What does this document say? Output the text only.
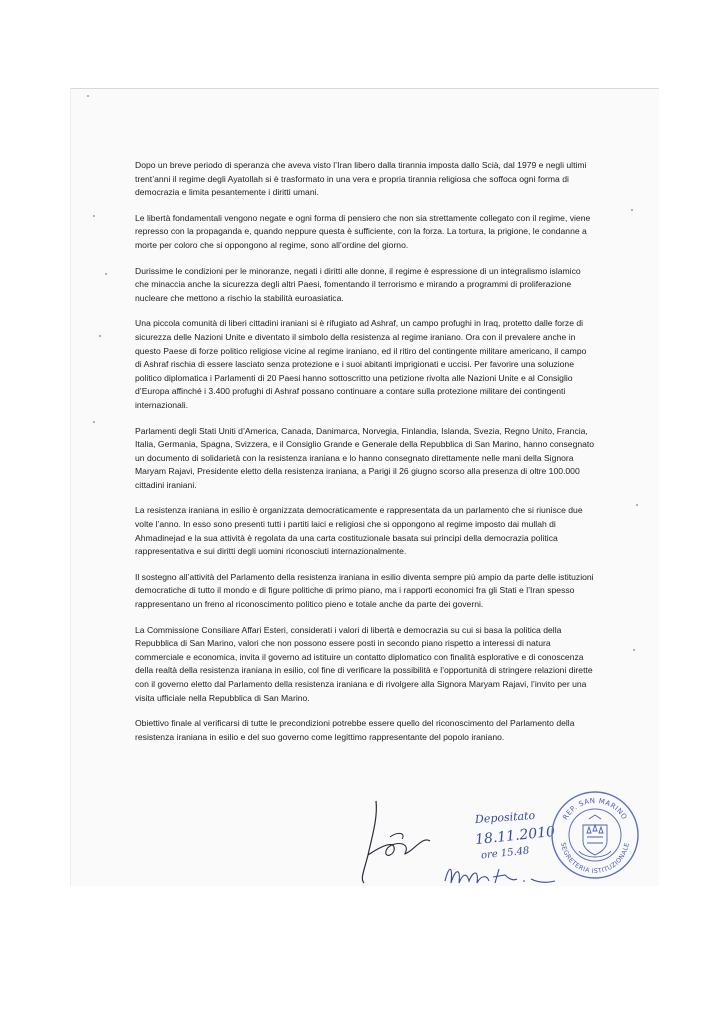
Dopo un breve periodo di speranza che aveva visto l’Iran libero dalla tirannia imposta dallo Scià, dal 1979 e negli ultimi trent’anni il regime degli Ayatollah si è trasformato in una vera e propria tirannia religiosa che soffoca ogni forma di democrazia e limita pesantemente i diritti umani.

Le libertà fondamentali vengono negate e ogni forma di pensiero che non sia strettamente collegato con il regime, viene represso con la propaganda e, quando neppure questa è sufficiente, con la forza. La tortura, la prigione, le condanne a morte per coloro che si oppongono al regime, sono all’ordine del giorno.

Durissime le condizioni per le minoranze, negati i diritti alle donne, il regime è espressione di un integralismo islamico che minaccia anche la sicurezza degli altri Paesi, fomentando il terrorismo e mirando a programmi di proliferazione nucleare che mettono a rischio la stabilità euroasiatica.

Una piccola comunità di liberi cittadini iraniani si è rifugiato ad Ashraf, un campo profughi in Iraq, protetto dalle forze di sicurezza delle Nazioni Unite e diventato il simbolo della resistenza al regime iraniano. Ora con il prevalere anche in questo Paese di forze politico religiose vicine al regime iraniano, ed il ritiro del contingente militare americano, il campo di Ashraf rischia di essere lasciato senza protezione e i suoi abitanti imprigionati e uccisi. Per favorire una soluzione politico diplomatica i Parlamenti di 20 Paesi hanno sottoscritto una petizione rivolta alle Nazioni Unite e al Consiglio d’Europa affinché i 3.400 profughi di Ashraf possano continuare a contare sulla protezione militare dei contingenti internazionali.

Parlamenti degli Stati Uniti d’America, Canada, Danimarca, Norvegia, Finlandia, Islanda, Svezia, Regno Unito, Francia, Italia, Germania, Spagna, Svizzera, e il Consiglio Grande e Generale della Repubblica di San Marino, hanno consegnato un documento di solidarietà con la resistenza iraniana e lo hanno consegnato direttamente nelle mani della Signora Maryam Rajavi, Presidente eletto della resistenza iraniana, a Parigi il 26 giugno scorso alla presenza di oltre 100.000 cittadini iraniani.

La resistenza iraniana in esilio è organizzata democraticamente e rappresentata da un parlamento che si riunisce due volte l’anno. In esso sono presenti tutti i partiti laici e religiosi che si oppongono al regime imposto dai mullah di Ahmadinejad e la sua attività è regolata da una carta costituzionale basata sui principi della democrazia politica rappresentativa e sui diritti degli uomini riconosciuti internazionalmente.

Il sostegno all’attività del Parlamento della resistenza iraniana in esilio diventa sempre più ampio da parte delle istituzioni democratiche di tutto il mondo e di figure politiche di primo piano, ma i rapporti economici fra gli Stati e l’Iran spesso rappresentano un freno al riconoscimento politico pieno e totale anche da parte dei governi.

La Commissione Consiliare Affari Esteri, considerati i valori di libertà e democrazia su cui si basa la politica della Repubblica di San Marino, valori che non possono essere posti in secondo piano rispetto a interessi di natura commerciale e economica, invita il governo ad istituire un contatto diplomatico con finalità esplorative e di conoscenza della realtà della resistenza iraniana in esilio, col fine di verificare la possibilità e l’opportunità di stringere relazioni dirette con il governo eletto dal Parlamento della resistenza iraniana e di rivolgere alla Signora Maryam Rajavi, l’invito per una visita ufficiale nella Repubblica di San Marino.

Obiettivo finale al verificarsi di tutte le precondizioni potrebbe essere quello del riconoscimento del Parlamento della resistenza iraniana in esilio e del suo governo come legittimo rappresentante del popolo iraniano.

Depositato
18.11.2010
ore 15.48
REP. SAN MARINO
SEGRETERIA ISTITUZIONALE
